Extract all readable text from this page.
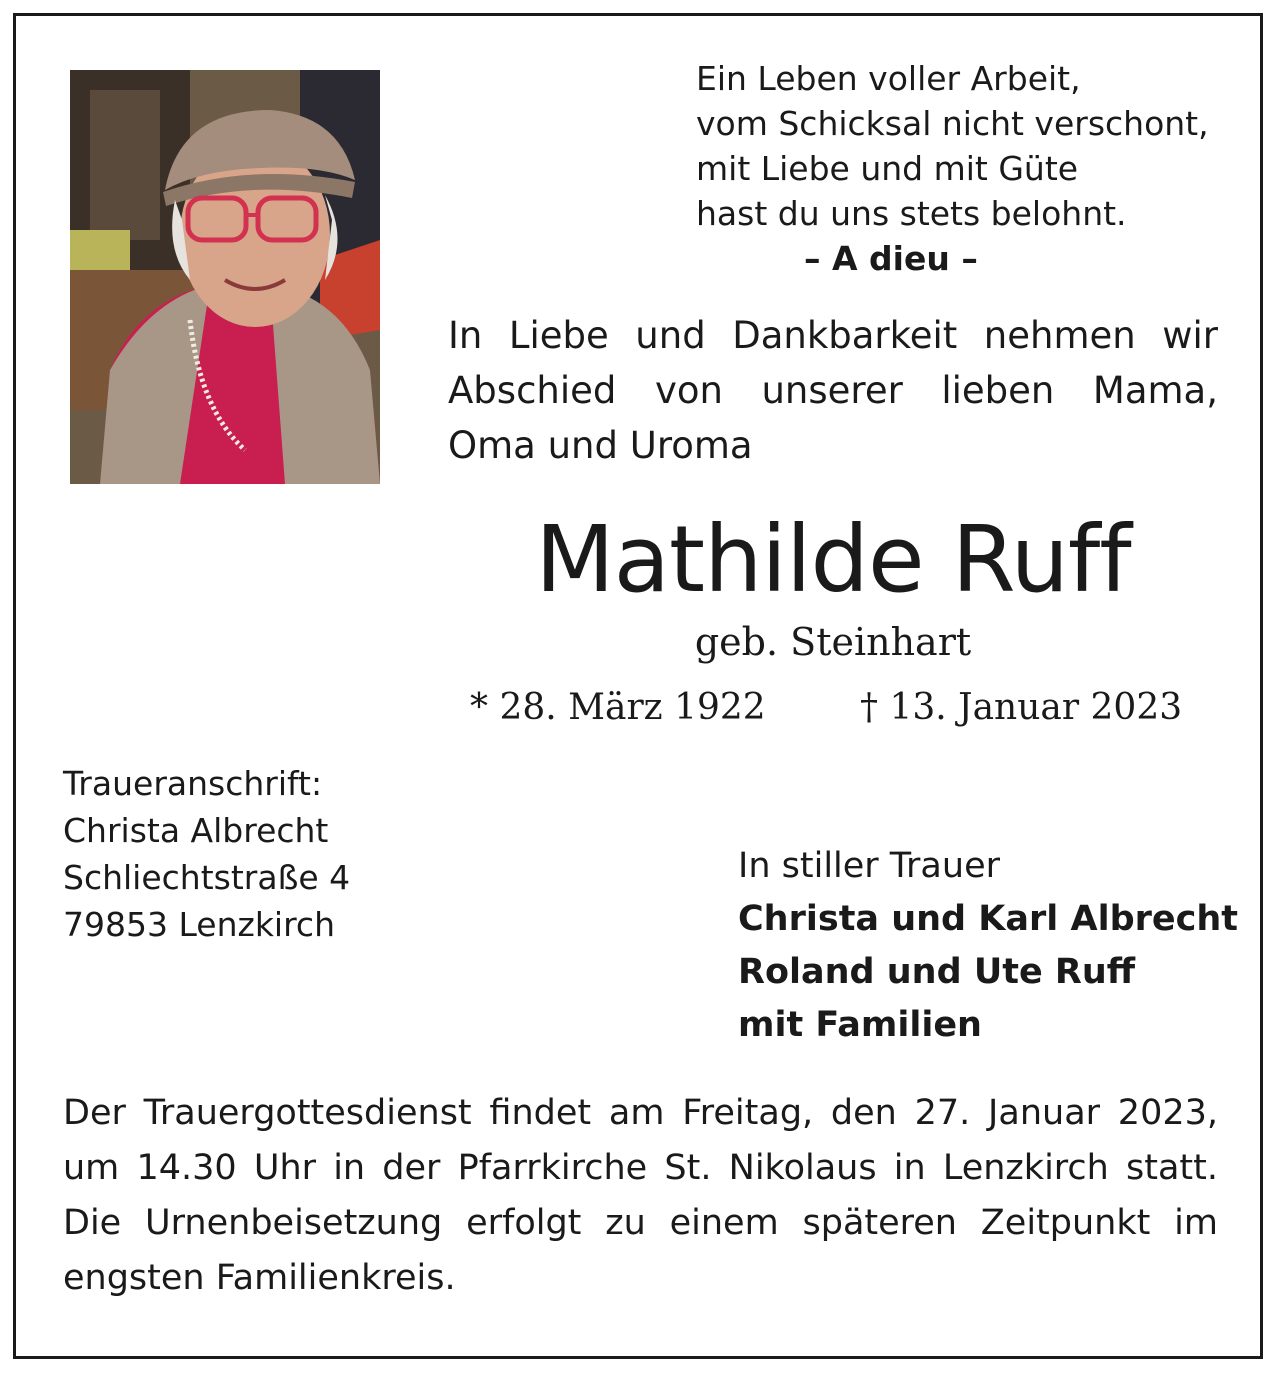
Ein Leben voller Arbeit,
vom Schicksal nicht verschont,
mit Liebe und mit Güte
hast du uns stets belohnt.
– A dieu –
In Liebe und Dankbarkeit nehmen wir
Abschied von unserer lieben Mama,
Oma und Uroma
Mathilde Ruff
geb. Steinhart
* 28. März 1922	† 13. Januar 2023
Traueranschrift:
Christa Albrecht
Schliechtstraße 4
79853 Lenzkirch
In stiller Trauer
Christa und Karl Albrecht
Roland und Ute Ruff
mit Familien
Der Trauergottesdienst findet am Freitag, den 27. Januar 2023,
um 14.30 Uhr in der Pfarrkirche St. Nikolaus in Lenzkirch statt.
Die Urnenbeisetzung erfolgt zu einem späteren Zeitpunkt im
engsten Familienkreis.
